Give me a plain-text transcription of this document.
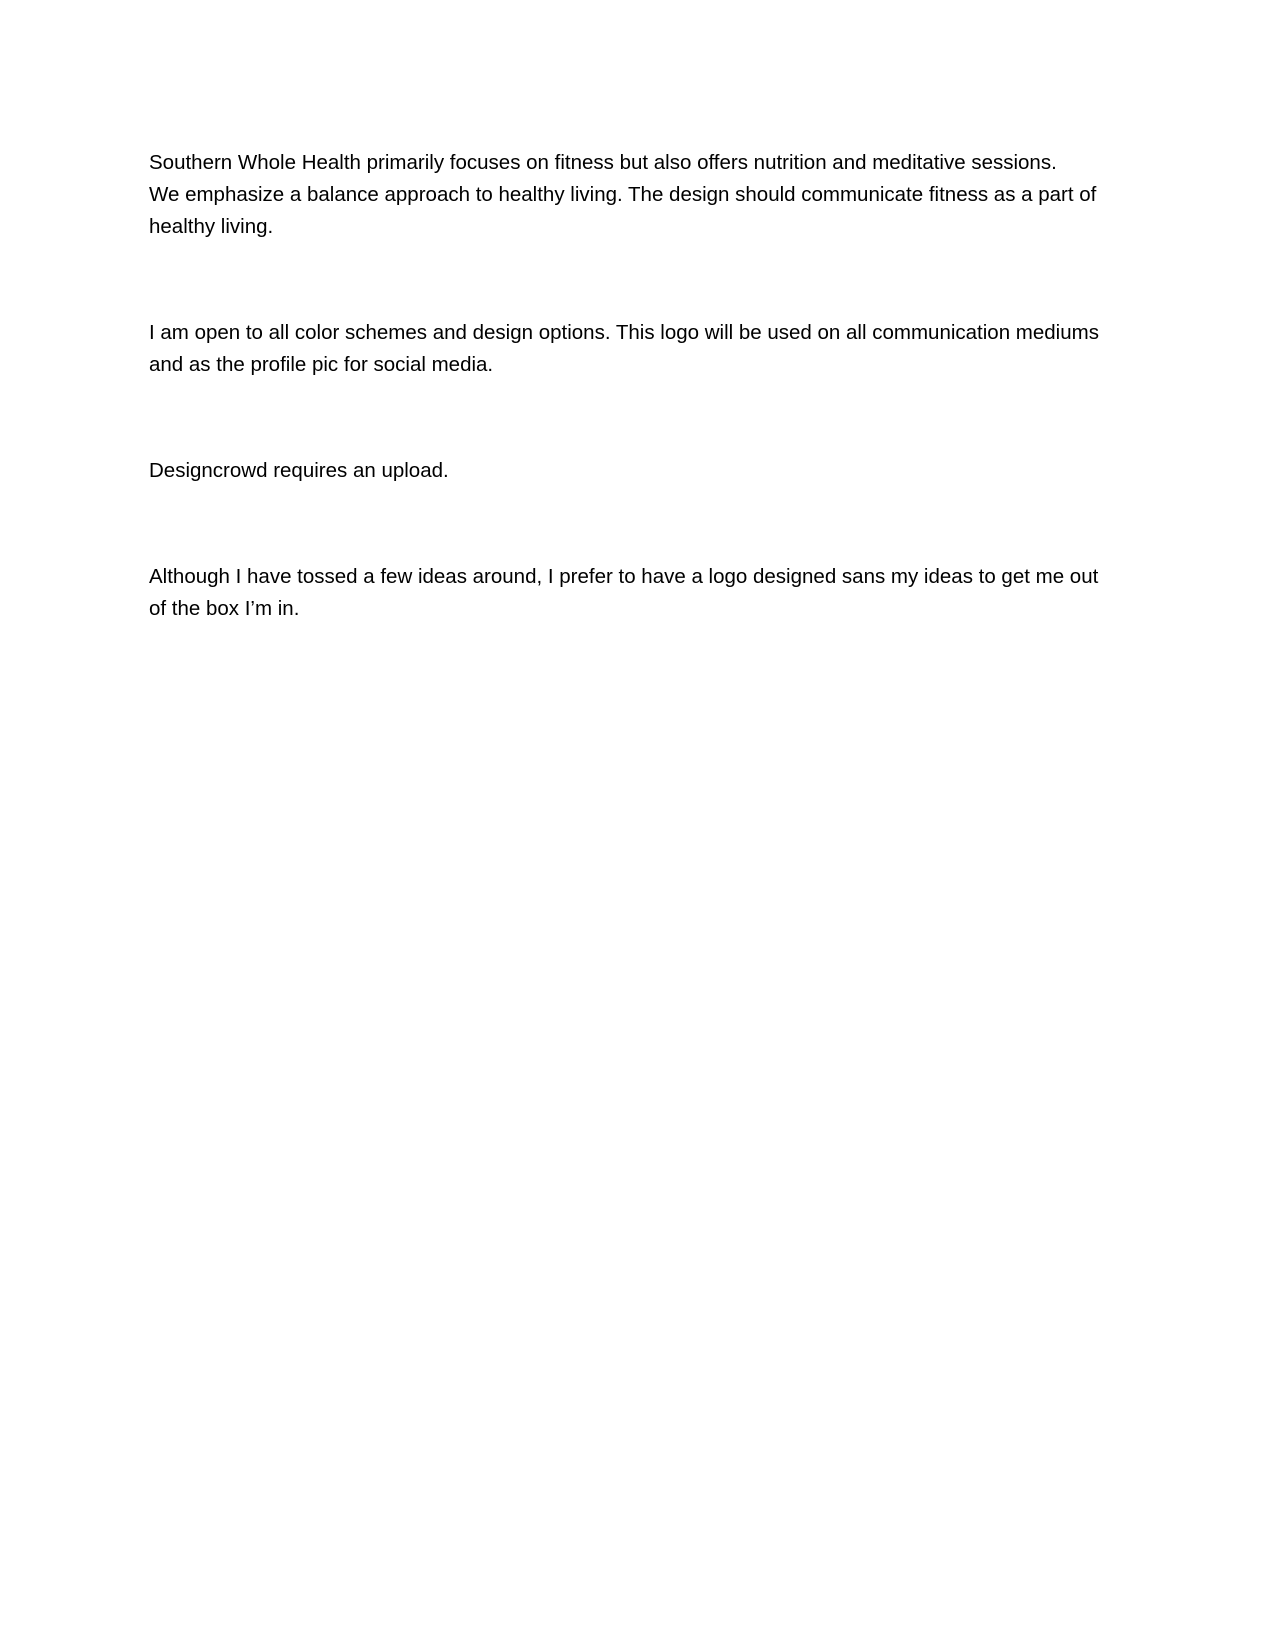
Southern Whole Health primarily focuses on fitness but also offers nutrition and meditative sessions.
We emphasize a balance approach to healthy living. The design should communicate fitness as a part of
healthy living.

I am open to all color schemes and design options. This logo will be used on all communication mediums
and as the profile pic for social media.

Designcrowd requires an upload.

Although I have tossed a few ideas around, I prefer to have a logo designed sans my ideas to get me out
of the box I’m in.
